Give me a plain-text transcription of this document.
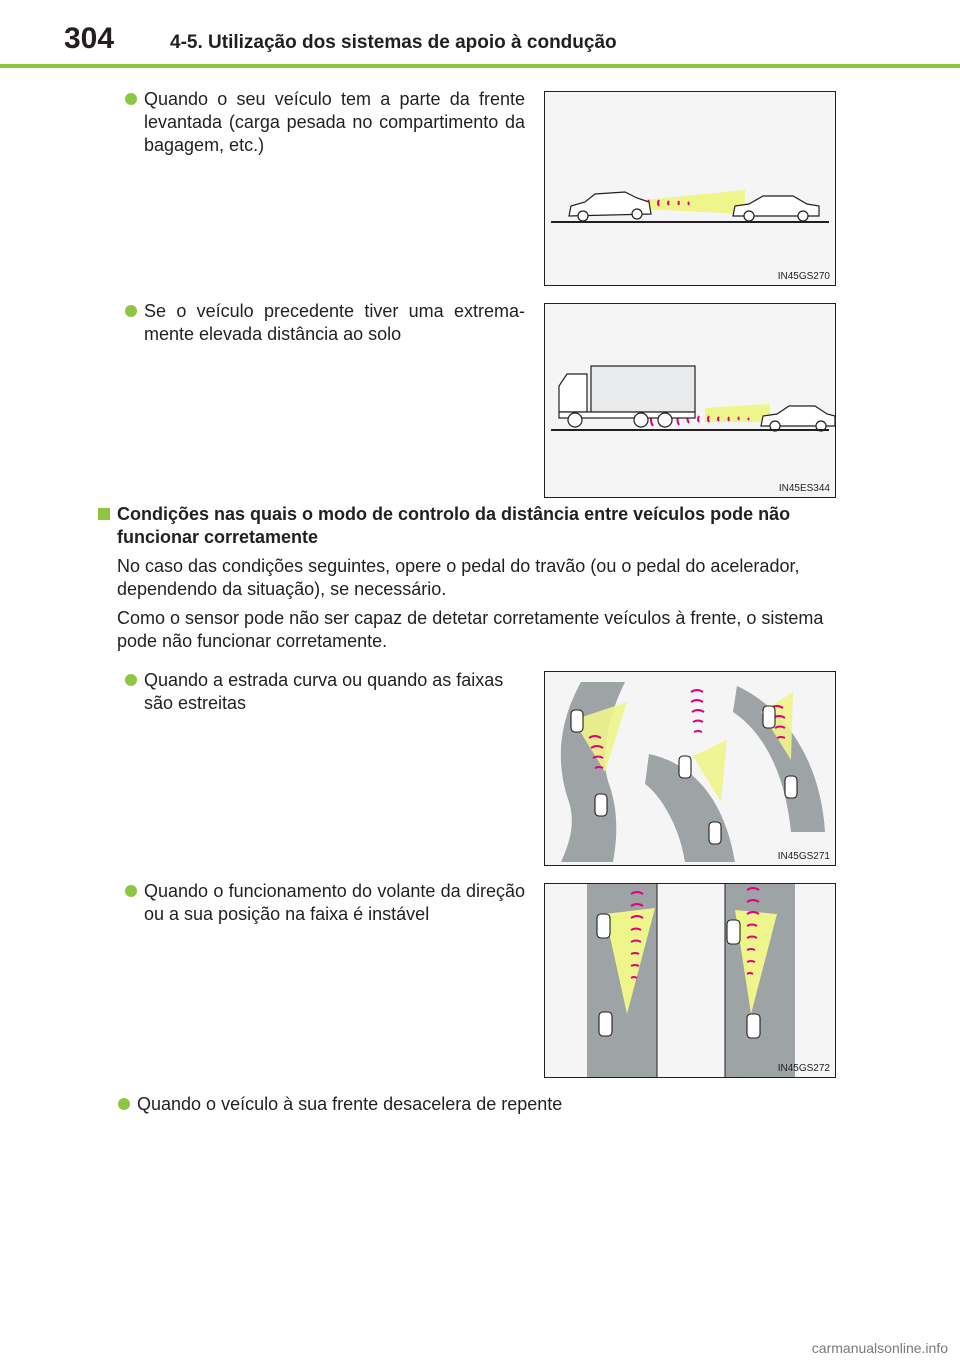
304	4-5. Utilização dos sistemas de apoio à condução
Quando o seu veículo tem a parte da frente levantada (carga pesada no compartimento da bagagem, etc.)
IN45GS270
Se o veículo precedente tiver uma extrema- mente elevada distância ao solo
IN45ES344
Condições nas quais o modo de controlo da distância entre veículos pode não funcionar corretamente

No caso das condições seguintes, opere o pedal do travão (ou o pedal do acelerador, dependendo da situação), se necessário.

Como o sensor pode não ser capaz de detetar corretamente veículos à frente, o sistema pode não funcionar corretamente.

Quando a estrada curva ou quando as faixas são estreitas
IN45GS271
Quando o funcionamento do volante da direção ou a sua posição na faixa é instável
IN45GS272
Quando o veículo à sua frente desacelera de repente
carmanualsonline.info
